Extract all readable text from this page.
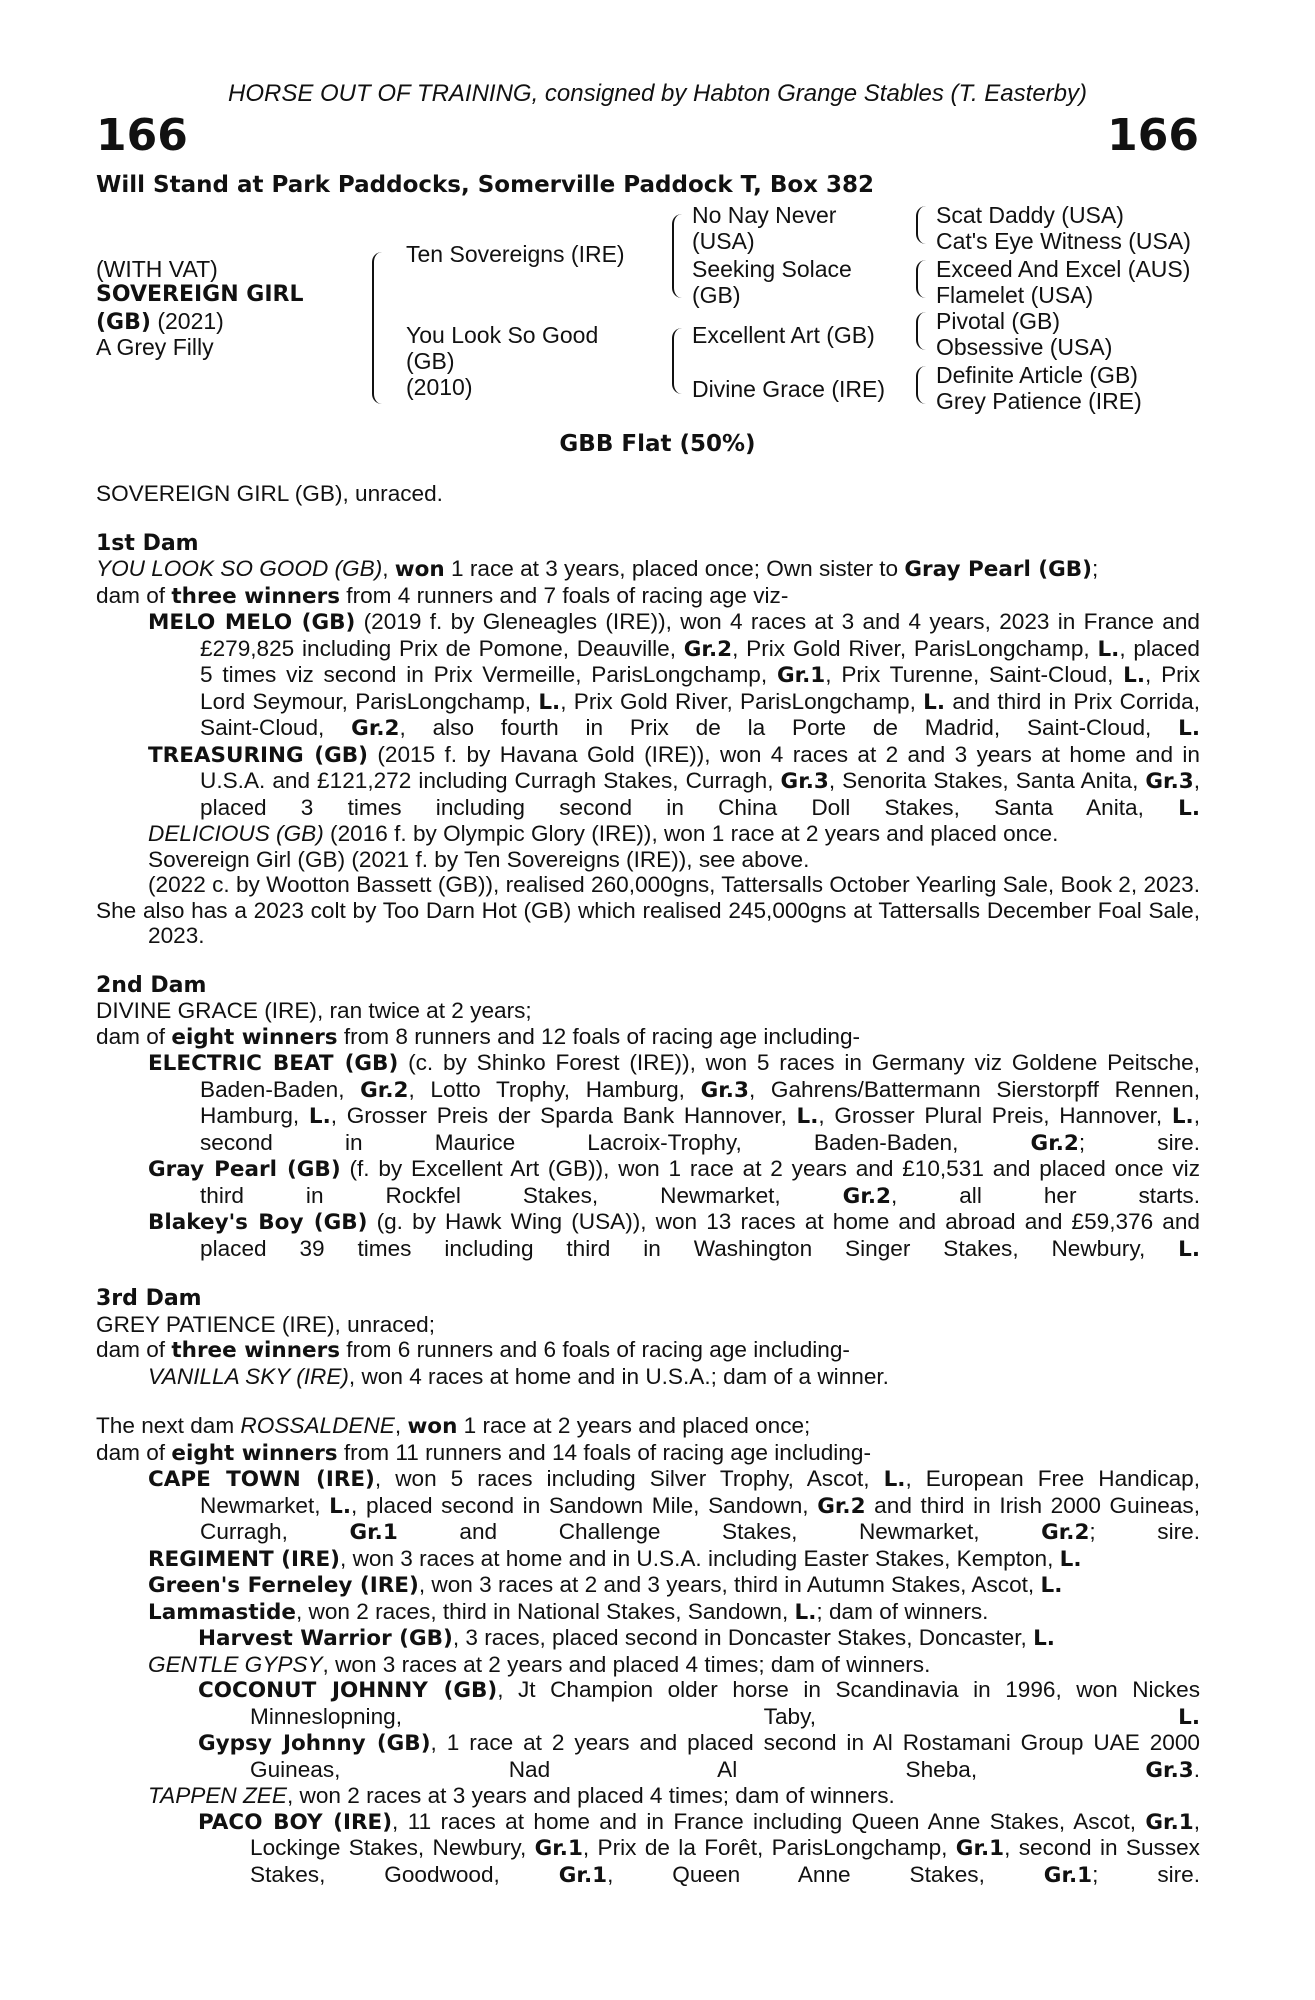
HORSE OUT OF TRAINING, consigned by Habton Grange Stables (T. Easterby)
166	166
Will Stand at Park Paddocks, Somerville Paddock T, Box 382
(WITH VAT)
SOVEREIGN GIRL
(GB) (2021)
A Grey Filly
Ten Sovereigns (IRE)
You Look So Good
(GB)
(2010)
No Nay Never
(USA)
Seeking Solace
(GB)
Excellent Art (GB)
Divine Grace (IRE)
Scat Daddy (USA)
Cat's Eye Witness (USA)
Exceed And Excel (AUS)
Flamelet (USA)
Pivotal (GB)
Obsessive (USA)
Definite Article (GB)
Grey Patience (IRE)
GBB Flat (50%)
SOVEREIGN GIRL (GB), unraced.
1st Dam
YOU LOOK SO GOOD (GB), won 1 race at 3 years, placed once; Own sister to Gray Pearl (GB);
dam of three winners from 4 runners and 7 foals of racing age viz-
MELO MELO (GB) (2019 f. by Gleneagles (IRE)), won 4 races at 3 and 4 years, 2023 in France and £279,825 including Prix de Pomone, Deauville, Gr.2, Prix Gold River, ParisLongchamp, L., placed 5 times viz second in Prix Vermeille, ParisLongchamp, Gr.1, Prix Turenne, Saint-Cloud, L., Prix Lord Seymour, ParisLongchamp, L., Prix Gold River, ParisLongchamp, L. and third in Prix Corrida, Saint-Cloud, Gr.2, also fourth in Prix de la Porte de Madrid, Saint-Cloud, L.
TREASURING (GB) (2015 f. by Havana Gold (IRE)), won 4 races at 2 and 3 years at home and in U.S.A. and £121,272 including Curragh Stakes, Curragh, Gr.3, Senorita Stakes, Santa Anita, Gr.3, placed 3 times including second in China Doll Stakes, Santa Anita, L.
DELICIOUS (GB) (2016 f. by Olympic Glory (IRE)), won 1 race at 2 years and placed once.
Sovereign Girl (GB) (2021 f. by Ten Sovereigns (IRE)), see above.
(2022 c. by Wootton Bassett (GB)), realised 260,000gns, Tattersalls October Yearling Sale, Book 2, 2023.
She also has a 2023 colt by Too Darn Hot (GB) which realised 245,000gns at Tattersalls December Foal Sale, 2023.
2nd Dam
DIVINE GRACE (IRE), ran twice at 2 years;
dam of eight winners from 8 runners and 12 foals of racing age including-
ELECTRIC BEAT (GB) (c. by Shinko Forest (IRE)), won 5 races in Germany viz Goldene Peitsche, Baden-Baden, Gr.2, Lotto Trophy, Hamburg, Gr.3, Gahrens/Battermann Sierstorpff Rennen, Hamburg, L., Grosser Preis der Sparda Bank Hannover, L., Grosser Plural Preis, Hannover, L., second in Maurice Lacroix-Trophy, Baden-Baden, Gr.2; sire.
Gray Pearl (GB) (f. by Excellent Art (GB)), won 1 race at 2 years and £10,531 and placed once viz third in Rockfel Stakes, Newmarket, Gr.2, all her starts.
Blakey's Boy (GB) (g. by Hawk Wing (USA)), won 13 races at home and abroad and £59,376 and placed 39 times including third in Washington Singer Stakes, Newbury, L.
3rd Dam
GREY PATIENCE (IRE), unraced;
dam of three winners from 6 runners and 6 foals of racing age including-
VANILLA SKY (IRE), won 4 races at home and in U.S.A.; dam of a winner.
The next dam ROSSALDENE, won 1 race at 2 years and placed once;
dam of eight winners from 11 runners and 14 foals of racing age including-
CAPE TOWN (IRE), won 5 races including Silver Trophy, Ascot, L., European Free Handicap, Newmarket, L., placed second in Sandown Mile, Sandown, Gr.2 and third in Irish 2000 Guineas, Curragh, Gr.1 and Challenge Stakes, Newmarket, Gr.2; sire.
REGIMENT (IRE), won 3 races at home and in U.S.A. including Easter Stakes, Kempton, L.
Green's Ferneley (IRE), won 3 races at 2 and 3 years, third in Autumn Stakes, Ascot, L.
Lammastide, won 2 races, third in National Stakes, Sandown, L.; dam of winners.
Harvest Warrior (GB), 3 races, placed second in Doncaster Stakes, Doncaster, L.
GENTLE GYPSY, won 3 races at 2 years and placed 4 times; dam of winners.
COCONUT JOHNNY (GB), Jt Champion older horse in Scandinavia in 1996, won Nickes Minneslopning, Taby, L.
Gypsy Johnny (GB), 1 race at 2 years and placed second in Al Rostamani Group UAE 2000 Guineas, Nad Al Sheba, Gr.3.
TAPPEN ZEE, won 2 races at 3 years and placed 4 times; dam of winners.
PACO BOY (IRE), 11 races at home and in France including Queen Anne Stakes, Ascot, Gr.1, Lockinge Stakes, Newbury, Gr.1, Prix de la Forêt, ParisLongchamp, Gr.1, second in Sussex Stakes, Goodwood, Gr.1, Queen Anne Stakes, Gr.1; sire.
